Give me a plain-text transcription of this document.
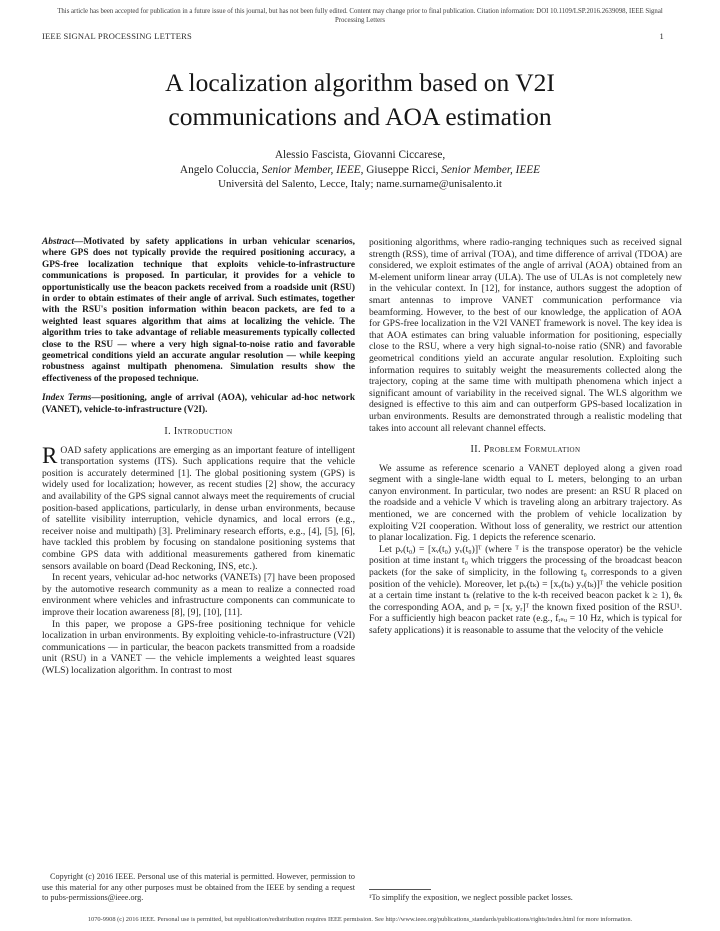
This article has been accepted for publication in a future issue of this journal, but has not been fully edited. Content may change prior to final publication. Citation information: DOI 10.1109/LSP.2016.2639098, IEEE Signal
Processing Letters
IEEE SIGNAL PROCESSING LETTERS	1
A localization algorithm based on V2I
communications and AOA estimation
Alessio Fascista, Giovanni Ciccarese,
Angelo Coluccia, Senior Member, IEEE, Giuseppe Ricci, Senior Member, IEEE
Università del Salento, Lecce, Italy; name.surname@unisalento.it

Abstract—Motivated by safety applications in urban vehicular scenarios, where GPS does not typically provide the required positioning accuracy, a GPS-free localization technique that exploits vehicle-to-infrastructure communications is proposed. In particular, it provides for a vehicle to opportunistically use the beacon packets received from a roadside unit (RSU) in order to obtain estimates of their angle of arrival. Such estimates, together with the RSU's position information within beacon packets, are fed to a weighted least squares algorithm that aims at localizing the vehicle. The algorithm tries to take advantage of reliable measurements typically collected close to the RSU — where a very high signal-to-noise ratio and favorable geometrical conditions yield an accurate angular resolution — while keeping robustness against multipath phenomena. Simulation results show the effectiveness of the proposed technique.

Index Terms—positioning, angle of arrival (AOA), vehicular ad-hoc network (VANET), vehicle-to-infrastructure (V2I).

I. Introduction

ROAD safety applications are emerging as an important feature of intelligent transportation systems (ITS). Such applications require that the vehicle position is accurately determined [1]. The global positioning system (GPS) is widely used for localization; however, as recent studies [2] show, the accuracy and availability of the GPS signal cannot always meet the requirements of crucial position-based applications, particularly, in dense urban environments, because of satellite visibility interruption, vehicle dynamics, and local errors (e.g., receiver noise and multipath) [3]. Preliminary research efforts, e.g., [4], [5], [6], have tackled this problem by focusing on standalone positioning systems that combine GPS data with additional measurements gathered from kinematic sensors available on board (Dead Reckoning, INS, etc.).

In recent years, vehicular ad-hoc networks (VANETs) [7] have been proposed by the automotive research community as a mean to realize a connected road environment where vehicles and infrastructure components can communicate to improve their location awareness [8], [9], [10], [11].

In this paper, we propose a GPS-free positioning technique for vehicle localization in urban environments. By exploiting vehicle-to-infrastructure (V2I) communications — in particular, the beacon packets transmitted from a roadside unit (RSU) in a VANET — the vehicle implements a weighted least squares (WLS) localization algorithm. In contrast to most

Copyright (c) 2016 IEEE. Personal use of this material is permitted. However, permission to use this material for any other purposes must be obtained from the IEEE by sending a request to pubs-permissions@ieee.org.

positioning algorithms, where radio-ranging techniques such as received signal strength (RSS), time of arrival (TOA), and time difference of arrival (TDOA) are considered, we exploit estimates of the angle of arrival (AOA) obtained from an M-element uniform linear array (ULA). The use of ULAs is not completely new in the vehicular context. In [12], for instance, authors suggest the adoption of smart antennas to improve VANET communication performance via beamforming. However, to the best of our knowledge, the application of AOA for GPS-free localization in the V2I VANET framework is novel. The key idea is that AOA estimates can bring valuable information for positioning, especially close to the RSU, where a very high signal-to-noise ratio (SNR) and favorable geometrical conditions yield an accurate angular resolution. Exploiting such information requires to suitably weight the measurements collected along the trajectory, coping at the same time with multipath phenomena which inject a significant amount of variability in the received signal. The WLS algorithm we designed is effective to this aim and can outperform GPS-based localization in urban environments. Results are demonstrated through a realistic modeling that takes into account all relevant channel effects.

II. Problem Formulation

We assume as reference scenario a VANET deployed along a given road segment with a single-lane width equal to L meters, belonging to an urban canyon environment. In particular, two nodes are present: an RSU R placed on the roadside and a vehicle V which is traveling along an arbitrary trajectory. As mentioned, we are concerned with the problem of vehicle localization by exploiting V2I cooperation. Without loss of generality, we restrict our attention to planar localization. Fig. 1 depicts the reference scenario.

Let pᵥ(t₀) = [xᵥ(t₀) yᵥ(t₀)]ᵀ (where ᵀ is the transpose operator) be the vehicle position at time instant t₀ which triggers the processing of the broadcast beacon packets (for the sake of simplicity, in the following t₀ corresponds to a given position of the vehicle). Moreover, let pᵥ(tₖ) = [xᵥ(tₖ) yᵥ(tₖ)]ᵀ the vehicle position at a certain time instant tₖ (relative to the k-th received beacon packet k ≥ 1), θₖ the corresponding AOA, and pᵣ = [xᵣ yᵣ]ᵀ the known fixed position of the RSU¹. For a sufficiently high beacon packet rate (e.g., fᵣₛᵤ = 10 Hz, which is typical for safety applications) it is reasonable to assume that the velocity of the vehicle

¹To simplify the exposition, we neglect possible packet losses.
1070-9908 (c) 2016 IEEE. Personal use is permitted, but republication/redistribution requires IEEE permission. See http://www.ieee.org/publications_standards/publications/rights/index.html for more information.
